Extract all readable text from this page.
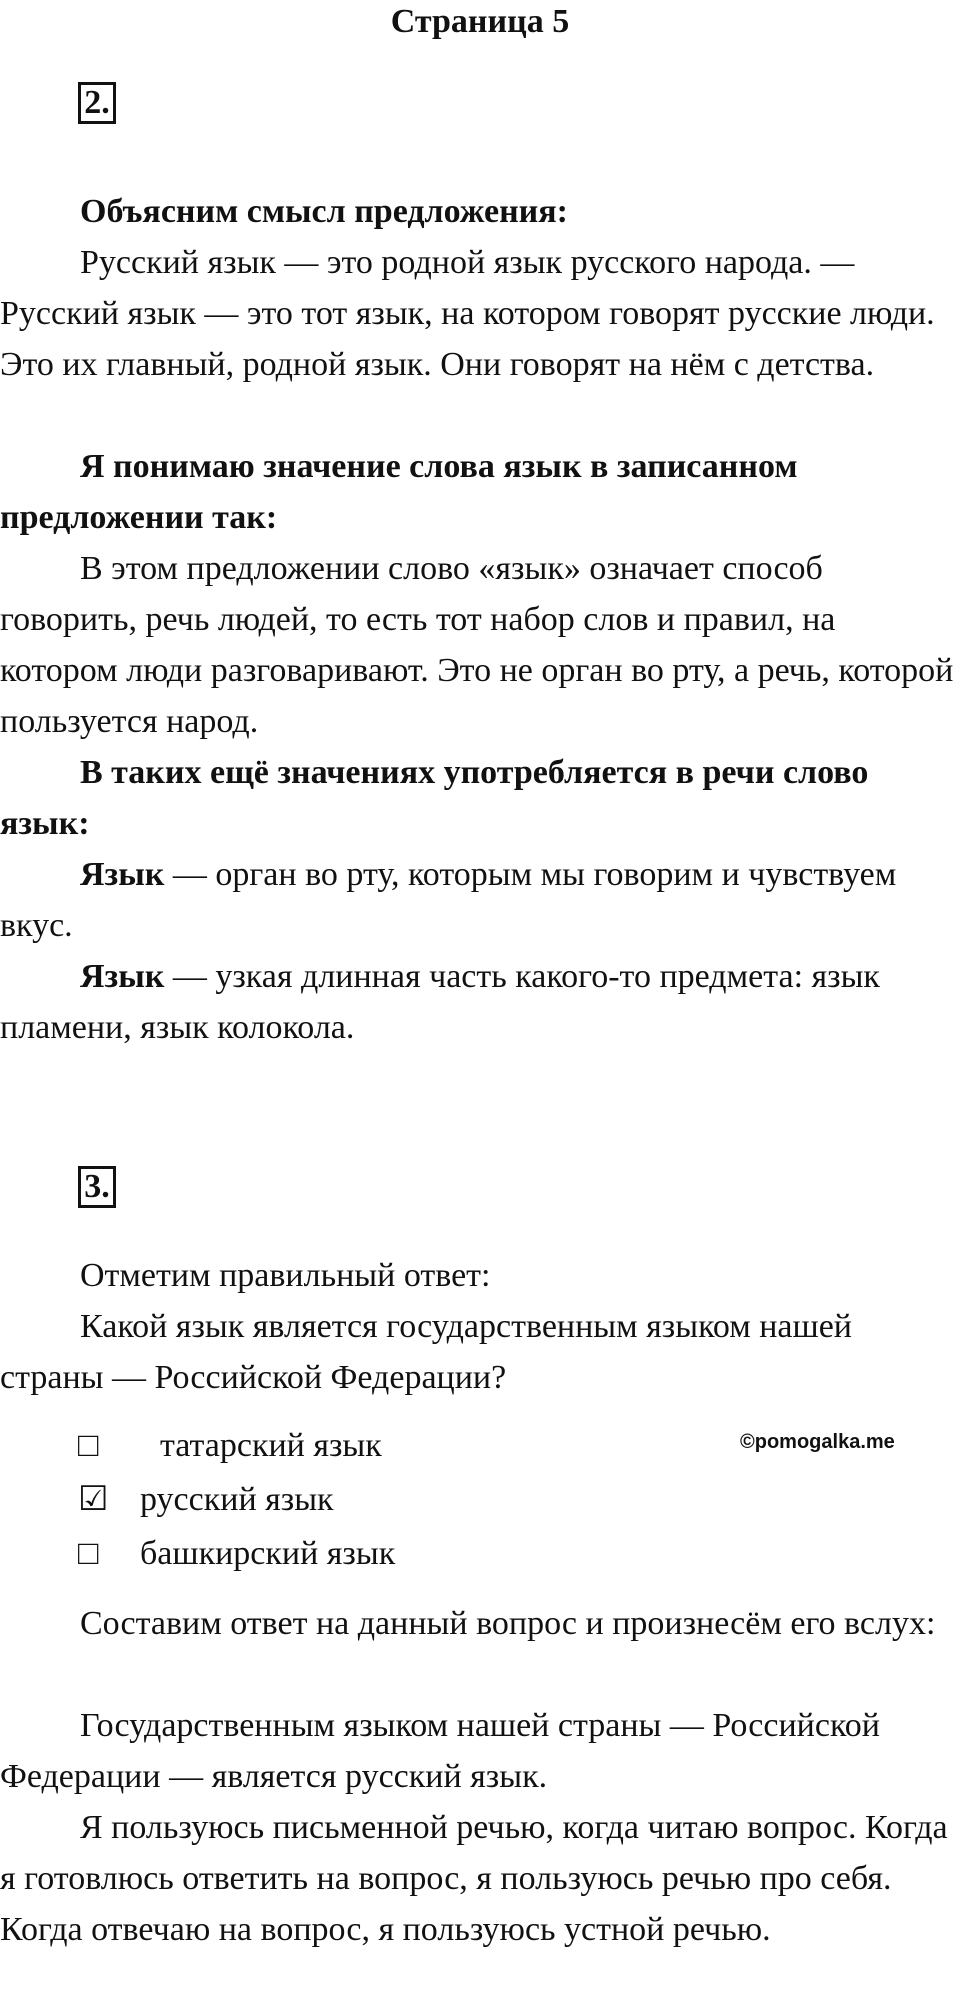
Страница 5
2.

Объясним смысл предложения:

Русский язык — это родной язык русского народа. — Русский язык — это тот язык, на котором говорят русские люди. Это их главный, родной язык. Они говорят на нём с детства.

Я понимаю значение слова язык в записанном предложении так:

В этом предложении слово «язык» означает способ говорить, речь людей, то есть тот набор слов и правил, на котором люди разговаривают. Это не орган во рту, а речь, которой пользуется народ.

В таких ещё значениях употребляется в речи слово язык:

Язык — орган во рту, которым мы говорим и чувствуем вкус.

Язык — узкая длинная часть какого-то предмета: язык пламени, язык колокола.

3.

Отметим правильный ответ:

Какой язык является государственным языком нашей страны — Российской Федерации?

□ татарский язык
☑ русский язык
□ башкирский язык
©pomogalka.me

Составим ответ на данный вопрос и произнесём его вслух:

Государственным языком нашей страны — Российской Федерации — является русский язык.

Я пользуюсь письменной речью, когда читаю вопрос. Когда я готовлюсь ответить на вопрос, я пользуюсь речью про себя. Когда отвечаю на вопрос, я пользуюсь устной речью.
